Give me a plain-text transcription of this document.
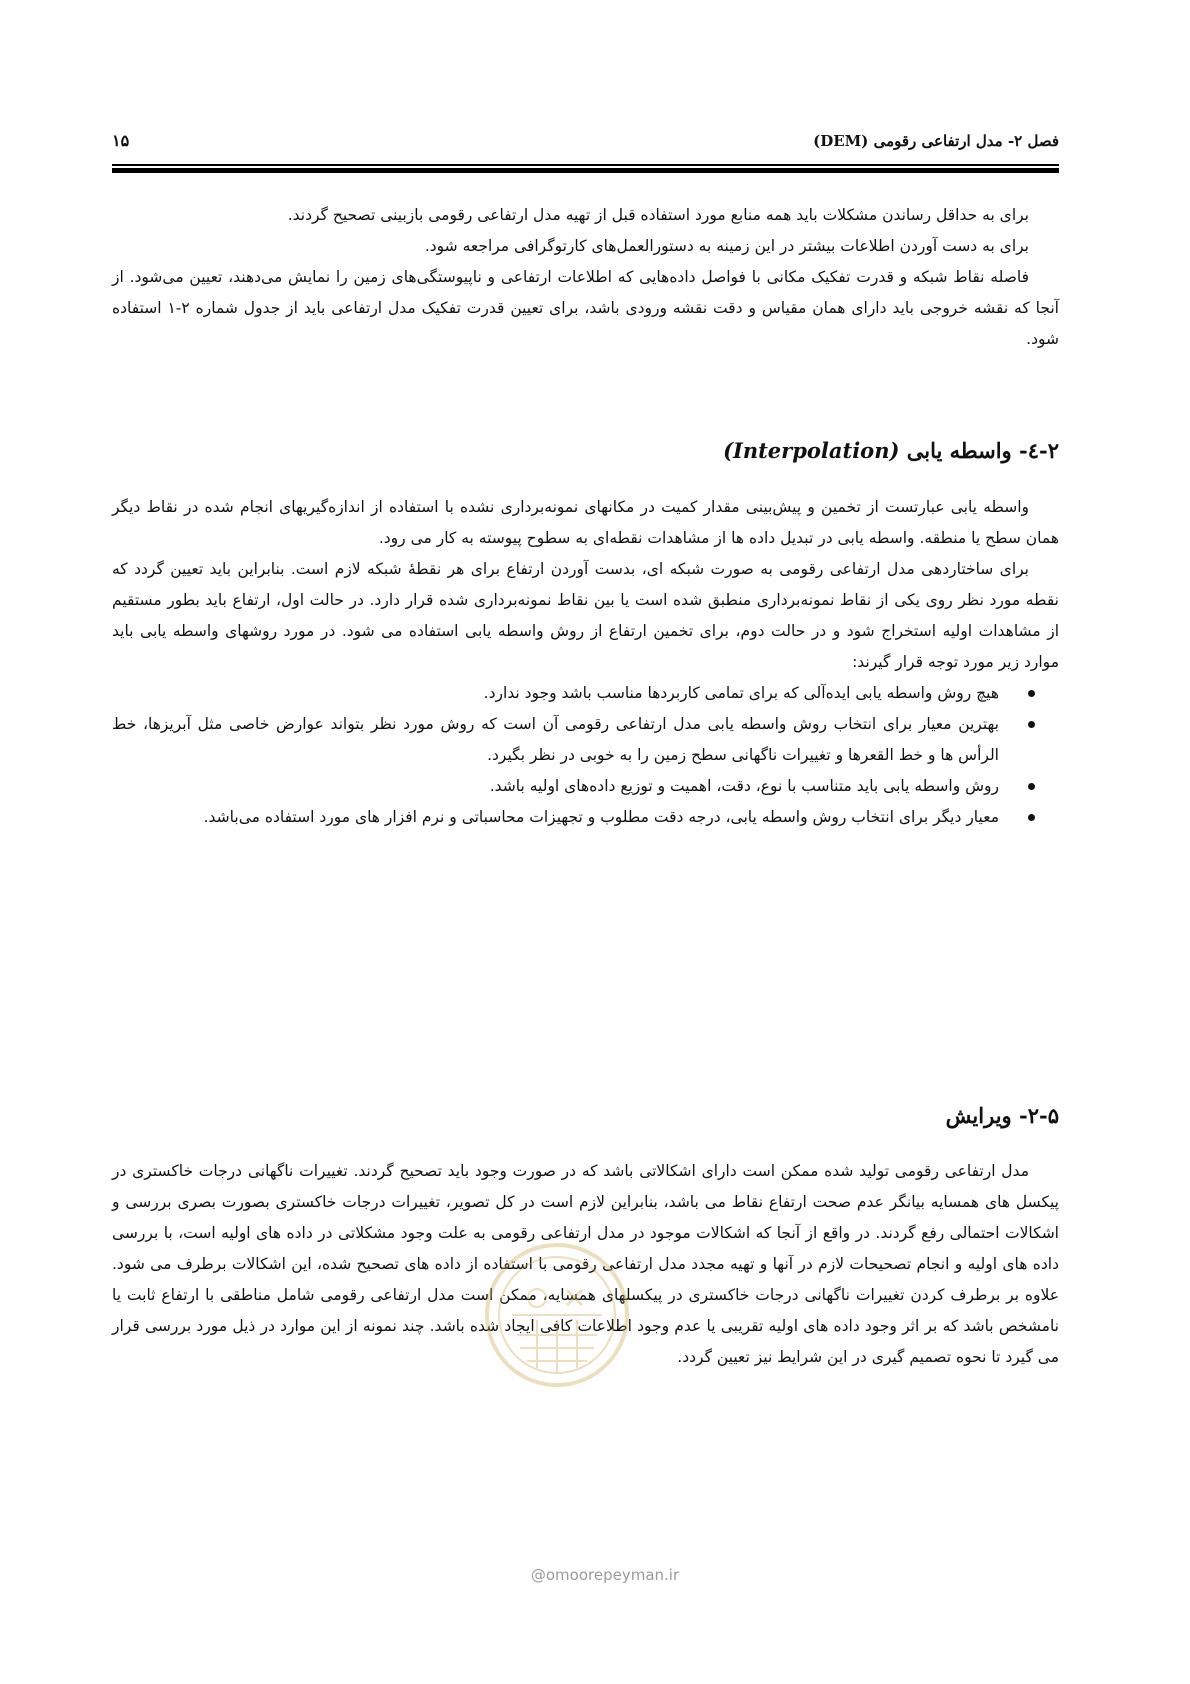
فصل ۲- مدل ارتفاعی رقومی (DEM)
۱۵

برای به حداقل رساندن مشکلات باید همه منابع مورد استفاده قبل از تهیه مدل ارتفاعی رقومی بازبینی تصحیح گردند.

برای به دست آوردن اطلاعات بیشتر در این زمینه به دستورالعمل‌های کارتوگرافی مراجعه شود.

فاصله نقاط شبکه و قدرت تفکیک مکانی با فواصل داده‌هایی که اطلاعات ارتفاعی و ناپیوستگی‌های زمین را نمایش می‌دهند، تعیین می‌شود. از آنجا که نقشه خروجی باید دارای همان مقیاس و دقت نقشه ورودی باشد، برای تعیین قدرت تفکیک مدل ارتفاعی باید از جدول شماره ۲-۱ استفاده شود.

۲-٤- واسطه یابی (Interpolation)

واسطه یابی عبارتست از تخمین و پیش‌بینی مقدار کمیت در مکانهای نمونه‌برداری نشده با استفاده از اندازه‌گیریهای انجام شده در نقاط دیگر همان سطح یا منطقه. واسطه یابی در تبدیل داده ها از مشاهدات نقطه‌ای به سطوح پیوسته به کار می رود.

برای ساختاردهی مدل ارتفاعی رقومی به صورت شبکه ای، بدست آوردن ارتفاع برای هر نقطهٔ شبکه لازم است. بنابراین باید تعیین گردد که نقطه مورد نظر روی یکی از نقاط نمونه‌برداری منطبق شده است یا بین نقاط نمونه‌برداری شده قرار دارد. در حالت اول، ارتفاع باید بطور مستقیم از مشاهدات اولیه استخراج شود و در حالت دوم، برای تخمین ارتفاع از روش واسطه یابی استفاده می شود. در مورد روشهای واسطه یابی باید موارد زیر مورد توجه قرار گیرند:

هیچ روش واسطه یابی ایده‌آلی که برای تمامی کاربردها مناسب باشد وجود ندارد.
بهترین معیار برای انتخاب روش واسطه یابی مدل ارتفاعی رقومی آن است که روش مورد نظر بتواند عوارض خاصی مثل آبریزها، خط الرأس ها و خط القعرها و تغییرات ناگهانی سطح زمین را به خوبی در نظر بگیرد.
روش واسطه یابی باید متناسب با نوع، دقت، اهمیت و توزیع داده‌های اولیه باشد.
معیار دیگر برای انتخاب روش واسطه یابی، درجه دقت مطلوب و تجهیزات محاسباتی و نرم افزار های مورد استفاده می‌باشد.
۲-۵- ویرایش

مدل ارتفاعی رقومی تولید شده ممکن است دارای اشکالاتی باشد که در صورت وجود باید تصحیح گردند. تغییرات ناگهانی درجات خاکستری در پیکسل های همسایه بیانگر عدم صحت ارتفاع نقاط می باشد، بنابراین لازم است در کل تصویر، تغییرات درجات خاکستری بصورت بصری بررسی و اشکالات احتمالی رفع گردند. در واقع از آنجا که اشکالات موجود در مدل ارتفاعی رقومی به علت وجود مشکلاتی در داده های اولیه است، با بررسی داده های اولیه و انجام تصحیحات لازم در آنها و تهیه مجدد مدل ارتفاعی رقومی با استفاده از داده های تصحیح شده، این اشکالات برطرف می شود. علاوه بر برطرف کردن تغییرات ناگهانی درجات خاکستری در پیکسلهای همسایه، ممکن است مدل ارتفاعی رقومی شامل مناطقی با ارتفاع ثابت یا نامشخص باشد که بر اثر وجود داده های اولیه تقریبی یا عدم وجود اطلاعات کافی ایجاد شده باشد. چند نمونه از این موارد در ذیل مورد بررسی قرار می گیرد تا نحوه تصمیم گیری در این شرایط نیز تعیین گردد.

@omoorepeyman.ir
